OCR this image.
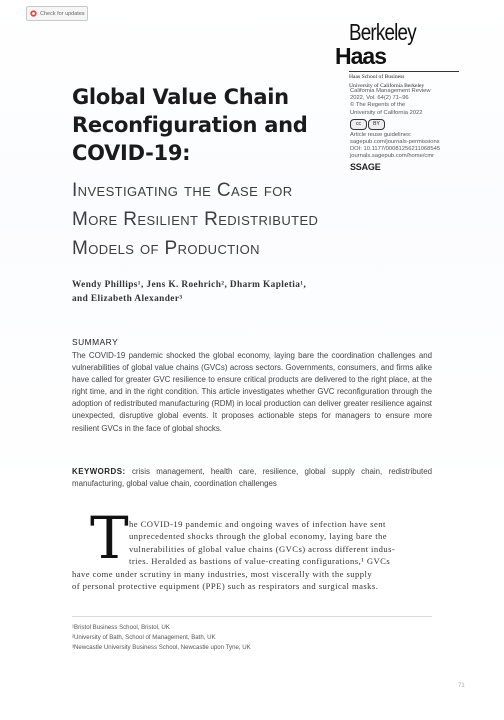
Check for updates
BerkeleyHaas
Haas School of Business
University of California Berkeley
Global Value Chain
Reconfiguration and
COVID-19:
Investigating the Case for
More Resilient Redistributed
Models of Production
California Management Review
2022, Vol. 64(2) 71–96
© The Regents of the
University of California 2022
cc	BY
Article reuse guidelines:
sagepub.com/journals-permissions
DOI: 10.1177/00081256211068545
journals.sagepub.com/home/cmr
SSAGE
Wendy Phillips¹, Jens K. Roehrich², Dharm Kapletia¹,
and Elizabeth Alexander³
SUMMARY
The COVID-19 pandemic shocked the global economy, laying bare the coordination challenges and vulnerabilities of global value chains (GVCs) across sectors. Governments, consumers, and firms alike have called for greater GVC resilience to ensure critical products are delivered to the right place, at the right time, and in the right condition. This article investigates whether GVC reconfiguration through the adoption of redistributed manufacturing (RDM) in local production can deliver greater resilience against unexpected, disruptive global events. It proposes actionable steps for managers to ensure more resilient GVCs in the face of global shocks.
KEYWORDS: crisis management, health care, resilience, global supply chain, redistributed manufacturing, global value chain, coordination challenges
T he COVID-19 pandemic and ongoing waves of infection have sent
unprecedented shocks through the global economy, laying bare the
vulnerabilities of global value chains (GVCs) across different indus-
tries. Heralded as bastions of value-creating configurations,¹ GVCs
have come under scrutiny in many industries, most viscerally with the supply
of personal protective equipment (PPE) such as respirators and surgical masks.
¹Bristol Business School, Bristol, UK
²University of Bath, School of Management, Bath, UK
³Newcastle University Business School, Newcastle upon Tyne, UK
71
